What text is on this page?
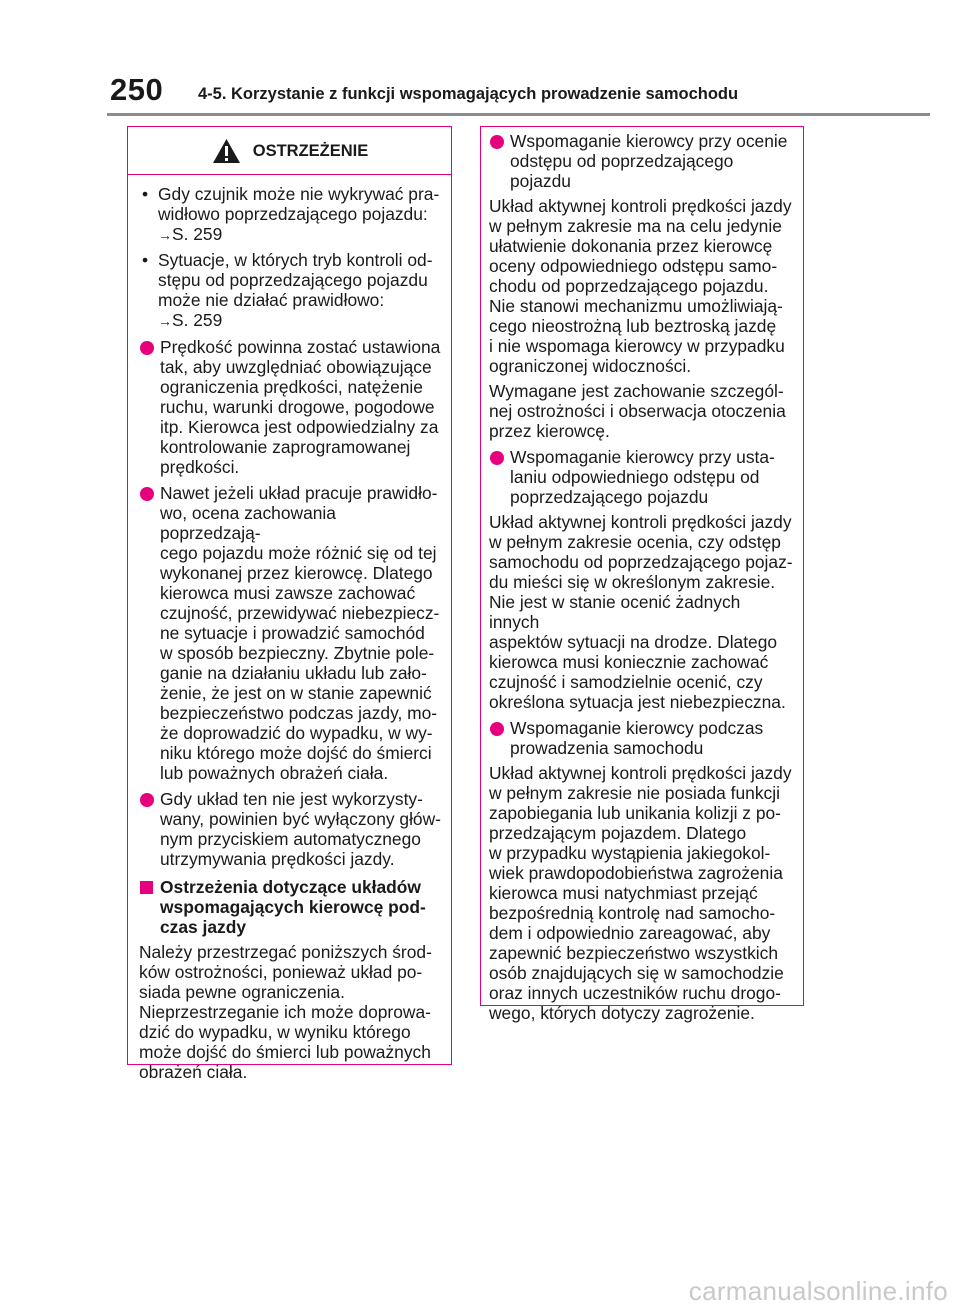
250 4-5. Korzystanie z funkcji wspomagających prowadzenie samochodu
OSTRZEŻENIE
• Gdy czujnik może nie wykrywać pra-
widłowo poprzedzającego pojazdu:
→S. 259
• Sytuacje, w których tryb kontroli od-
stępu od poprzedzającego pojazdu
może nie działać prawidłowo:
→S. 259
Prędkość powinna zostać ustawiona
tak, aby uwzględniać obowiązujące
ograniczenia prędkości, natężenie
ruchu, warunki drogowe, pogodowe
itp. Kierowca jest odpowiedzialny za
kontrolowanie zaprogramowanej
prędkości.
Nawet jeżeli układ pracuje prawidło-
wo, ocena zachowania poprzedzają-
cego pojazdu może różnić się od tej
wykonanej przez kierowcę. Dlatego
kierowca musi zawsze zachować
czujność, przewidywać niebezpiecz-
ne sytuacje i prowadzić samochód
w sposób bezpieczny. Zbytnie pole-
ganie na działaniu układu lub zało-
żenie, że jest on w stanie zapewnić
bezpieczeństwo podczas jazdy, mo-
że doprowadzić do wypadku, w wy-
niku którego może dojść do śmierci
lub poważnych obrażeń ciała.
Gdy układ ten nie jest wykorzysty-
wany, powinien być wyłączony głów-
nym przyciskiem automatycznego
utrzymywania prędkości jazdy.
Ostrzeżenia dotyczące układów
wspomagających kierowcę pod-
czas jazdy

Należy przestrzegać poniższych środ-
ków ostrożności, ponieważ układ po-
siada pewne ograniczenia.
Nieprzestrzeganie ich może doprowa-
dzić do wypadku, w wyniku którego
może dojść do śmierci lub poważnych
obrażeń ciała.

Wspomaganie kierowcy przy ocenie
odstępu od poprzedzającego pojazdu

Układ aktywnej kontroli prędkości jazdy
w pełnym zakresie ma na celu jedynie
ułatwienie dokonania przez kierowcę
oceny odpowiedniego odstępu samo-
chodu od poprzedzającego pojazdu.
Nie stanowi mechanizmu umożliwiają-
cego nieostrożną lub beztroską jazdę
i nie wspomaga kierowcy w przypadku
ograniczonej widoczności.

Wymagane jest zachowanie szczegól-
nej ostrożności i obserwacja otoczenia
przez kierowcę.

Wspomaganie kierowcy przy usta-
laniu odpowiedniego odstępu od
poprzedzającego pojazdu

Układ aktywnej kontroli prędkości jazdy
w pełnym zakresie ocenia, czy odstęp
samochodu od poprzedzającego pojaz-
du mieści się w określonym zakresie.
Nie jest w stanie ocenić żadnych innych
aspektów sytuacji na drodze. Dlatego
kierowca musi koniecznie zachować
czujność i samodzielnie ocenić, czy
określona sytuacja jest niebezpieczna.

Wspomaganie kierowcy podczas
prowadzenia samochodu

Układ aktywnej kontroli prędkości jazdy
w pełnym zakresie nie posiada funkcji
zapobiegania lub unikania kolizji z po-
przedzającym pojazdem. Dlatego
w przypadku wystąpienia jakiegokol-
wiek prawdopodobieństwa zagrożenia
kierowca musi natychmiast przejąć
bezpośrednią kontrolę nad samocho-
dem i odpowiednio zareagować, aby
zapewnić bezpieczeństwo wszystkich
osób znajdujących się w samochodzie
oraz innych uczestników ruchu drogo-
wego, których dotyczy zagrożenie.

carmanualsonline.info
